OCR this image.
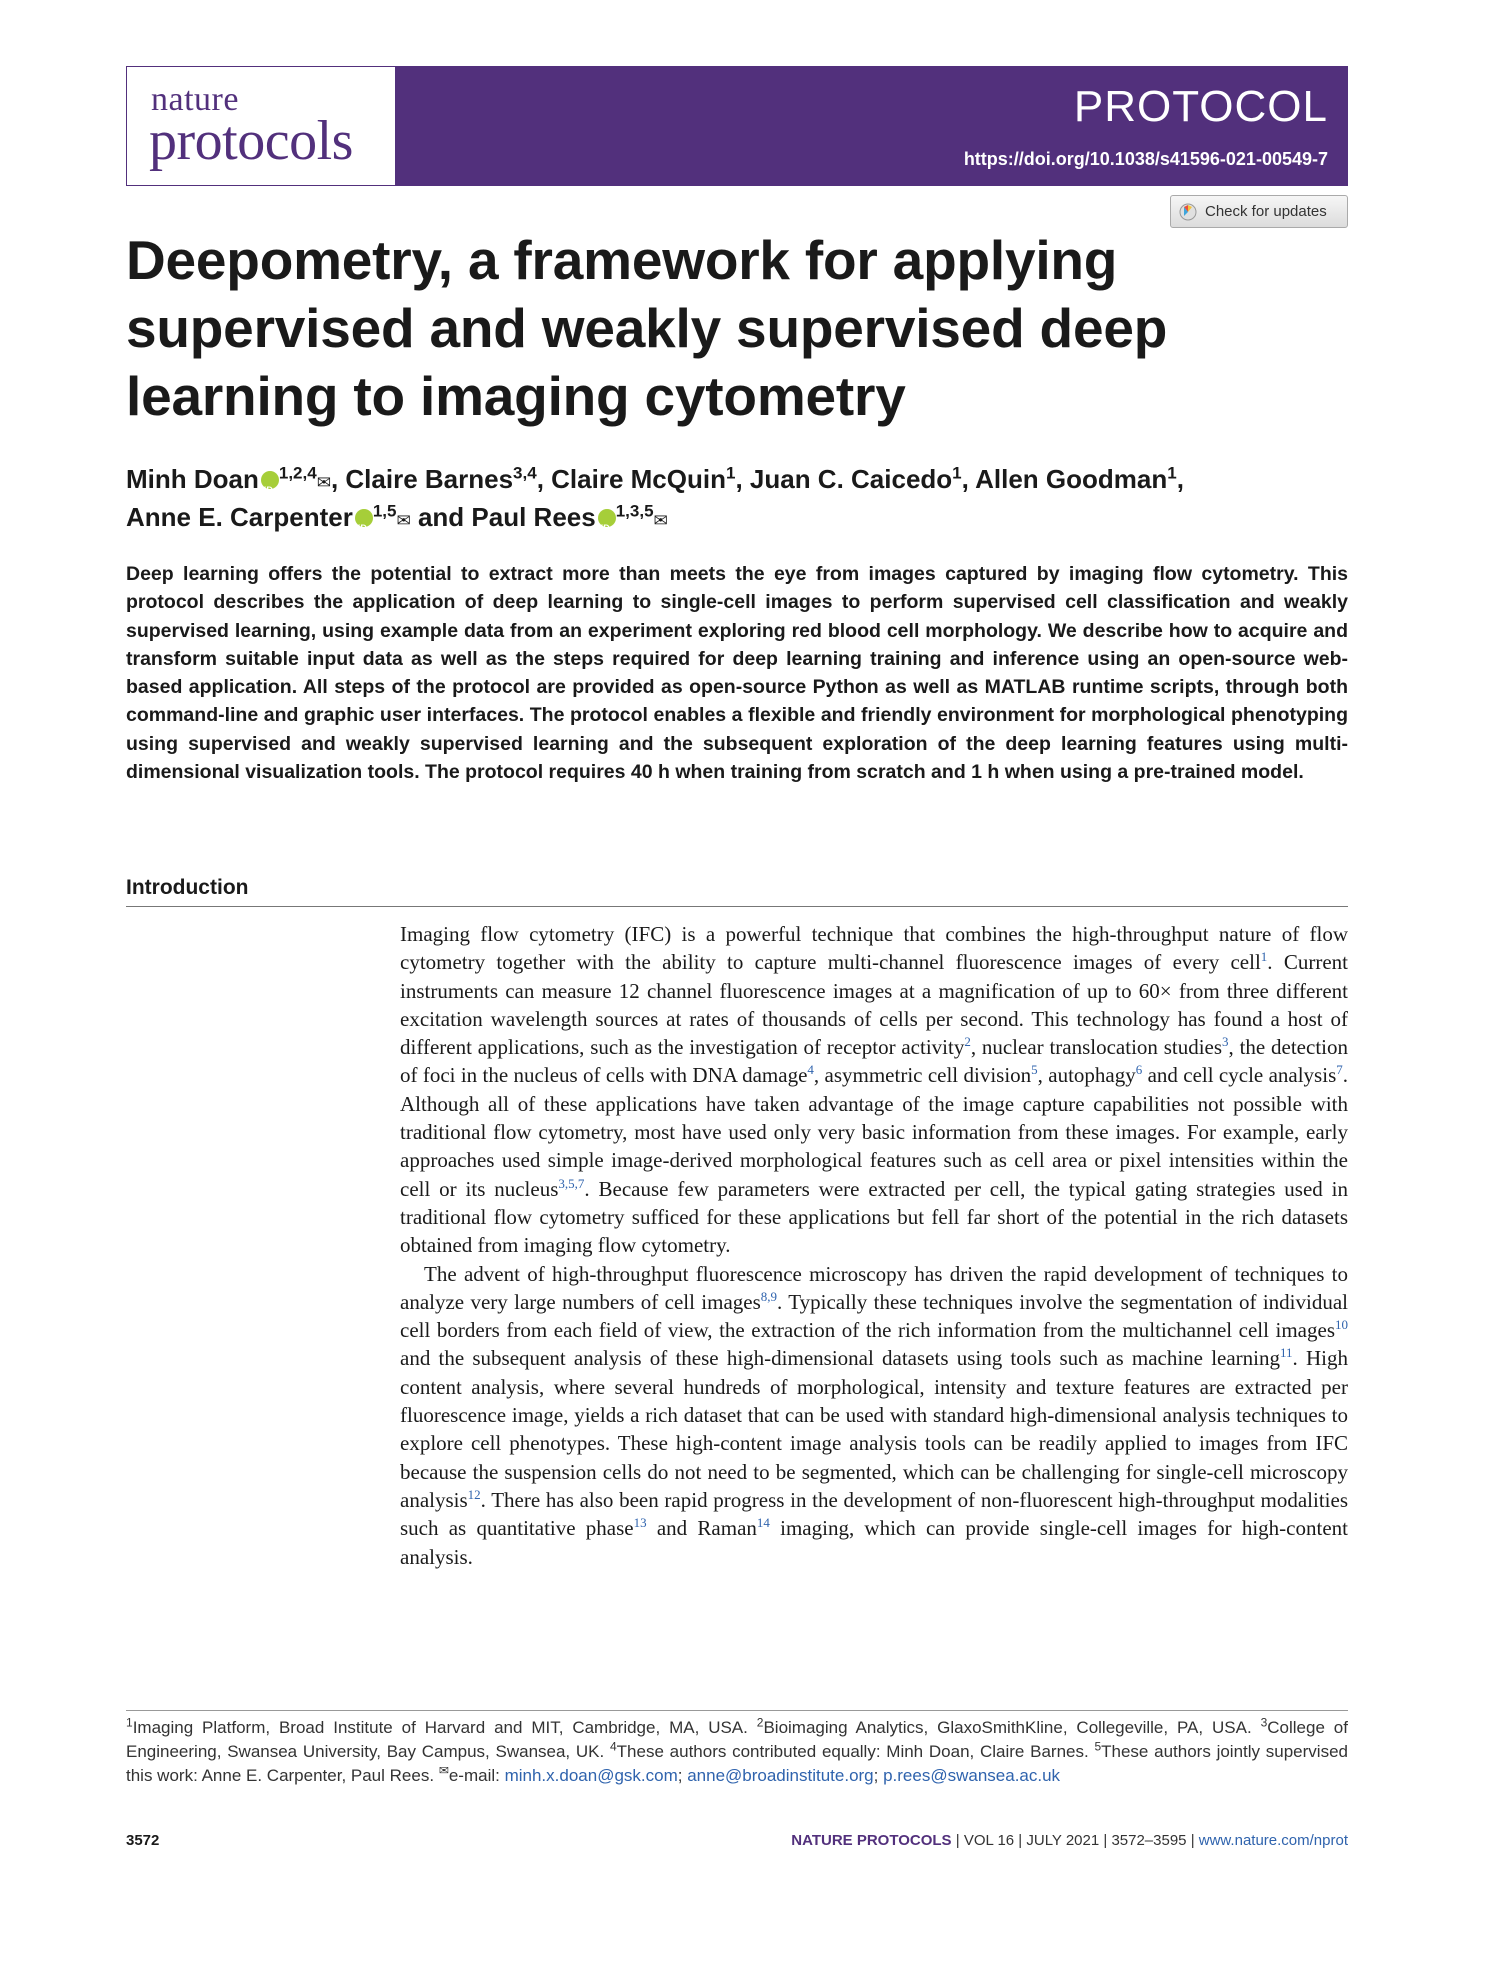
nature
protocols
PROTOCOL
https://doi.org/10.1038/s41596-021-00549-7
Check for updates
Deepometry, a framework for applying supervised and weakly supervised deep learning to imaging cytometry
Minh Doan iD $^{1,2,4}$✉, Claire Barnes$^{3,4}$, Claire McQuin$^1$, Juan C. Caicedo$^1$, Allen Goodman$^1$,
Anne E. Carpenter iD $^{1,5}$✉ and Paul Rees iD $^{1,3,5}$✉

Deep learning offers the potential to extract more than meets the eye from images captured by imaging flow cytometry. This protocol describes the application of deep learning to single-cell images to perform supervised cell classification and weakly supervised learning, using example data from an experiment exploring red blood cell morphology. We describe how to acquire and transform suitable input data as well as the steps required for deep learning training and inference using an open-source web-based application. All steps of the protocol are provided as open-source Python as well as MATLAB runtime scripts, through both command-line and graphic user interfaces. The protocol enables a flexible and friendly environment for morphological phenotyping using supervised and weakly supervised learning and the subsequent exploration of the deep learning features using multi-dimensional visualization tools. The protocol requires 40 h when training from scratch and 1 h when using a pre-trained model.

Introduction

Imaging flow cytometry (IFC) is a powerful technique that combines the high-throughput nature of flow cytometry together with the ability to capture multi-channel fluorescence images of every cell$^1$. Current instruments can measure 12 channel fluorescence images at a magnification of up to 60× from three different excitation wavelength sources at rates of thousands of cells per second. This technology has found a host of different applications, such as the investigation of receptor activity$^2$, nuclear translocation studies$^3$, the detection of foci in the nucleus of cells with DNA damage$^4$, asymmetric cell division$^5$, autophagy$^6$ and cell cycle analysis$^7$. Although all of these applications have taken advantage of the image capture capabilities not possible with traditional flow cytometry, most have used only very basic information from these images. For example, early approaches used simple image-derived morphological features such as cell area or pixel intensities within the cell or its nucleus$^{3,5,7}$. Because few parameters were extracted per cell, the typical gating strategies used in traditional flow cytometry sufficed for these applications but fell far short of the potential in the rich datasets obtained from imaging flow cytometry.

The advent of high-throughput fluorescence microscopy has driven the rapid development of techniques to analyze very large numbers of cell images$^{8,9}$. Typically these techniques involve the segmentation of individual cell borders from each field of view, the extraction of the rich information from the multichannel cell images$^{10}$ and the subsequent analysis of these high-dimensional datasets using tools such as machine learning$^{11}$. High content analysis, where several hundreds of morphological, intensity and texture features are extracted per fluorescence image, yields a rich dataset that can be used with standard high-dimensional analysis techniques to explore cell phenotypes. These high-content image analysis tools can be readily applied to images from IFC because the suspension cells do not need to be segmented, which can be challenging for single-cell microscopy analysis$^{12}$. There has also been rapid progress in the development of non-fluorescent high-throughput modalities such as quantitative phase$^{13}$ and Raman$^{14}$ imaging, which can provide single-cell images for high-content analysis.

$^1$Imaging Platform, Broad Institute of Harvard and MIT, Cambridge, MA, USA. $^2$Bioimaging Analytics, GlaxoSmithKline, Collegeville, PA, USA. $^3$College of Engineering, Swansea University, Bay Campus, Swansea, UK. $^4$These authors contributed equally: Minh Doan, Claire Barnes. $^5$These authors jointly supervised this work: Anne E. Carpenter, Paul Rees. ✉e-mail: minh.x.doan@gsk.com; anne@broadinstitute.org; p.rees@swansea.ac.uk
3572	NATURE PROTOCOLS | VOL 16 | JULY 2021 | 3572–3595 | www.nature.com/nprot
